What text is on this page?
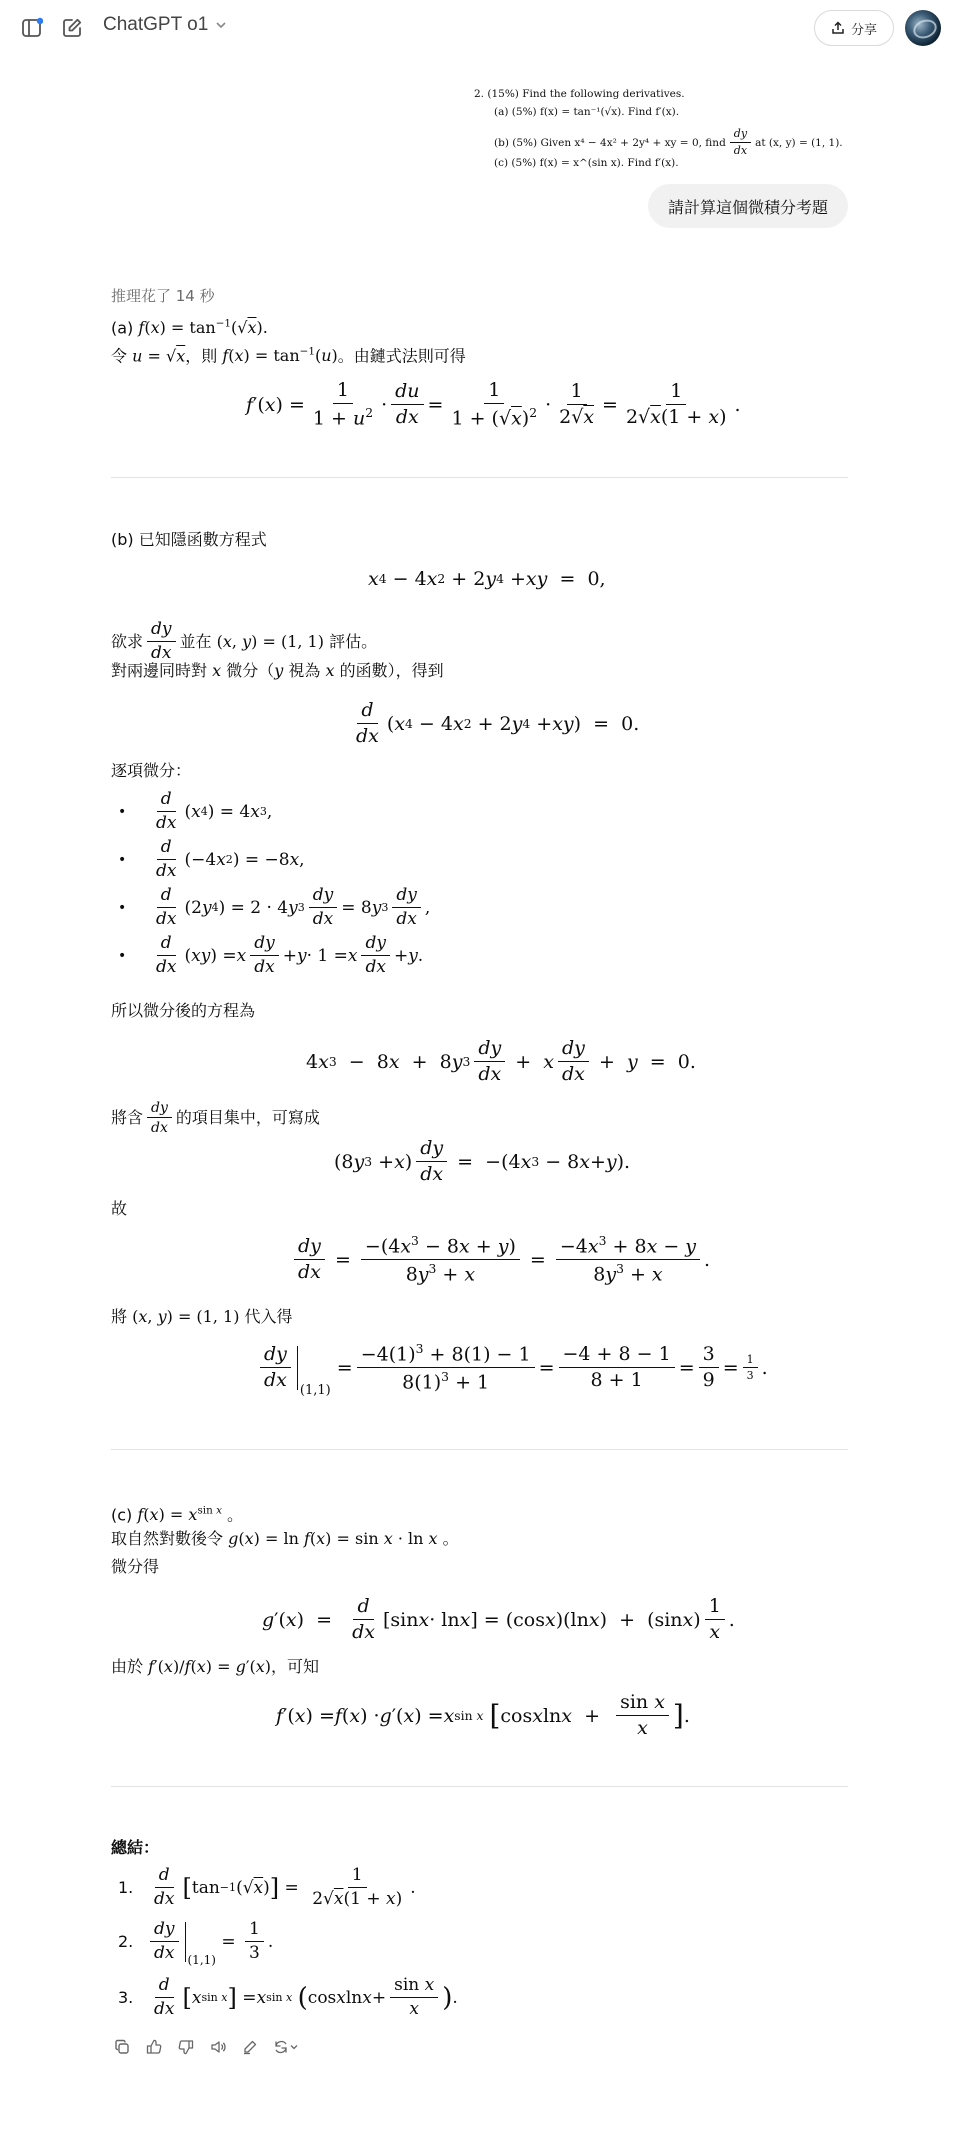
ChatGPT o1	分享
2. (15%) Find the following derivatives.
(a) (5%) f(x) = tan⁻¹(√x). Find f′(x).
(b) (5%) Given x⁴ − 4x² + 2y⁴ + xy = 0, find $\frac{dy}{dx}$ at (x, y) = (1, 1).
(c) (5%) f(x) = x^(sin x). Find f′(x).
請計算這個微積分考題
推理花了 14 秒
(a) $f(x) = \tan^{-1}(√x)$.
令 u = √x，則 $f(x) = \tan^{-1}(u)$。由鏈式法則可得
f ′( x ) = $\frac{1}{1 + u^2} \cdot \frac{du}{dx} = \frac{1}{1 + (√x)^2} \cdot \frac{1}{2√x} = \frac{1}{2√x(1 + x)}$ .
(b) 已知隱函數方程式
x 4 − 4 x 2 + 2 y 4 + xy =  0,
欲求 $\frac{dy}{dx}$ 並在
(x, y) = (1, 1)
評估。
對兩邊同時對 x 微分（y 視為 x 的函數），得到
$\frac{d}{dx}$ ( x 4 − 4 x 2 + 2 y 4 + xy )  =  0.
逐項微分：
•	$\frac{d}{dx}$ ( x 4 ) = 4 x 3 ,
•	$\frac{d}{dx} (-4$ x 2 ) = −8 x ,
•	$\frac{d}{dx} (2$ y 4 ) = 2 · 4 y $3 \frac{dy}{dx} = 8$ y $3 \frac{dy}{dx}$ ,
•	$\frac{d}{dx}$ ( xy ) = x $\frac{dy}{dx} + y \cdot 1 = x \frac{dy}{dx} + y$ .
所以微分後的方程為
4 x 3 −  8 x +  8 y $3 \frac{dy}{dx} + x \frac{dy}{dx} + y = 0$.
將含 $\frac{dy}{dx}$ 的項目集中，可寫成
(8 y 3 + x ) $\frac{dy}{dx} = -(4$ x 3 − 8 x + y ).
故
$\frac{dy}{dx} = \frac{-(4x^3 - 8x + y)}{8y^3 + x} = \frac{-4x^3 + 8x - y}{8y^3 + x}$ .
將 (x, y) = (1, 1) 代入得
$\frac{dy}{dx} (1,1)$
= $\frac{-4(1)^3 + 8(1) - 1}{8(1)^3 + 1} = \frac{-4 + 8 - 1}{8 + 1} = \frac{3}{9} = \frac{1}{3}$ .
(c) $f(x) = x^{sin x}$ 。
取自然對數後令 g(x) = ln f(x) = sin x · ln x 。
微分得
g ′( x )  = $\frac{d}{dx} [\sin$ x · ln x ] = (cos x )(ln x )  +  (sin x ) $\frac{1}{x}$ .
由於 f′(x)/f(x) = g′(x)，可知
f ′( x ) = f ( x ) · g ′( x ) = x sin x
[ cos x $\ln x + \frac{\text{sin x}}{x}$ ] .
總結：
1. $\frac{d}{dx}$ [ tan −1 (√ x ) ] = $\frac{1}{2√x(1 + x)}$ .
2. $\frac{dy}{dx} (1,1)$
= $\frac{1}{3}$ .
3. $\frac{d}{dx}$ [ x sin x ] = x sin x
( cos x $\ln x + \frac{\text{sin x}}{x}$ ) .
